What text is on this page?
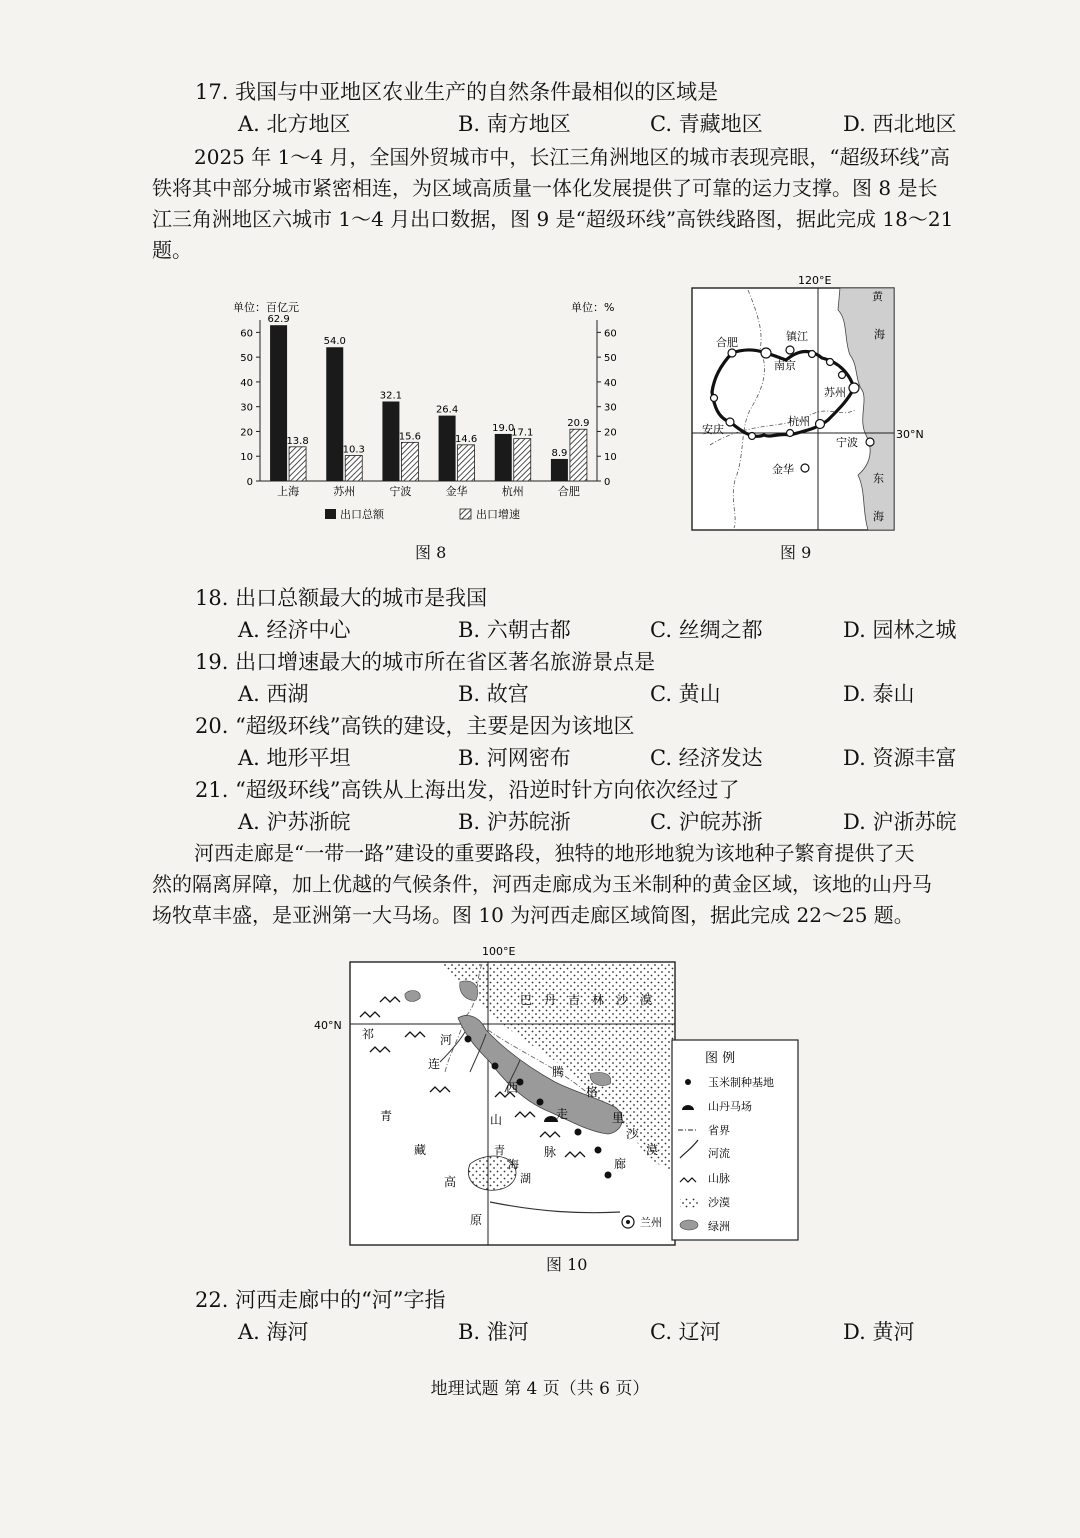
17. 我国与中亚地区农业生产的自然条件最相似的区域是
A. 北方地区	B. 南方地区	C. 青藏地区	D. 西北地区
2025 年 1～4 月，全国外贸城市中，长江三角洲地区的城市表现亮眼，“超级环线”高
铁将其中部分城市紧密相连，为区域高质量一体化发展提供了可靠的运力支撑。图 8 是长
江三角洲地区六城市 1～4 月出口数据，图 9 是“超级环线”高铁线路图，据此完成 18～21
题。
单位：百亿元	单位：%
0	0
10	10
20	20
30	30
40	40
50	50
60	60
62.9
13.8
上海
54.0
10.3
苏州
32.1
15.6
宁波
26.4
14.6
金华
19.0
17.1
杭州
8.9
20.9
合肥
出口总额	出口增速
图 8
120°E
黄
海
东
海
30°N
合肥	镇江
南京
苏州
安庆
杭州
宁波
金华
图 9
18. 出口总额最大的城市是我国
A. 经济中心	B. 六朝古都	C. 丝绸之都	D. 园林之城
19. 出口增速最大的城市所在省区著名旅游景点是
A. 西湖	B. 故宫	C. 黄山	D. 泰山
20. “超级环线”高铁的建设，主要是因为该地区
A. 地形平坦	B. 河网密布	C. 经济发达	D. 资源丰富
21. “超级环线”高铁从上海出发，沿逆时针方向依次经过了
A. 沪苏浙皖	B. 沪苏皖浙	C. 沪皖苏浙	D. 沪浙苏皖
河西走廊是“一带一路”建设的重要路段，独特的地形地貌为该地种子繁育提供了天
然的隔离屏障，加上优越的气候条件，河西走廊成为玉米制种的黄金区域，该地的山丹马
场牧草丰盛，是亚洲第一大马场。图 10 为河西走廊区域简图，据此完成 22～25 题。
100°E
40°N
兰州
巴 丹 吉 林 沙 漠
祁
连
山
脉
河
西
走
廊
腾
格
里
沙
漠
青
藏
高
原
青
海
湖
图 例
玉米制种基地
山丹马场
省界
河流
山脉
沙漠
绿洲
图 10
22. 河西走廊中的“河”字指
A. 海河	B. 淮河	C. 辽河	D. 黄河
地理试题 第 4 页（共 6 页）
